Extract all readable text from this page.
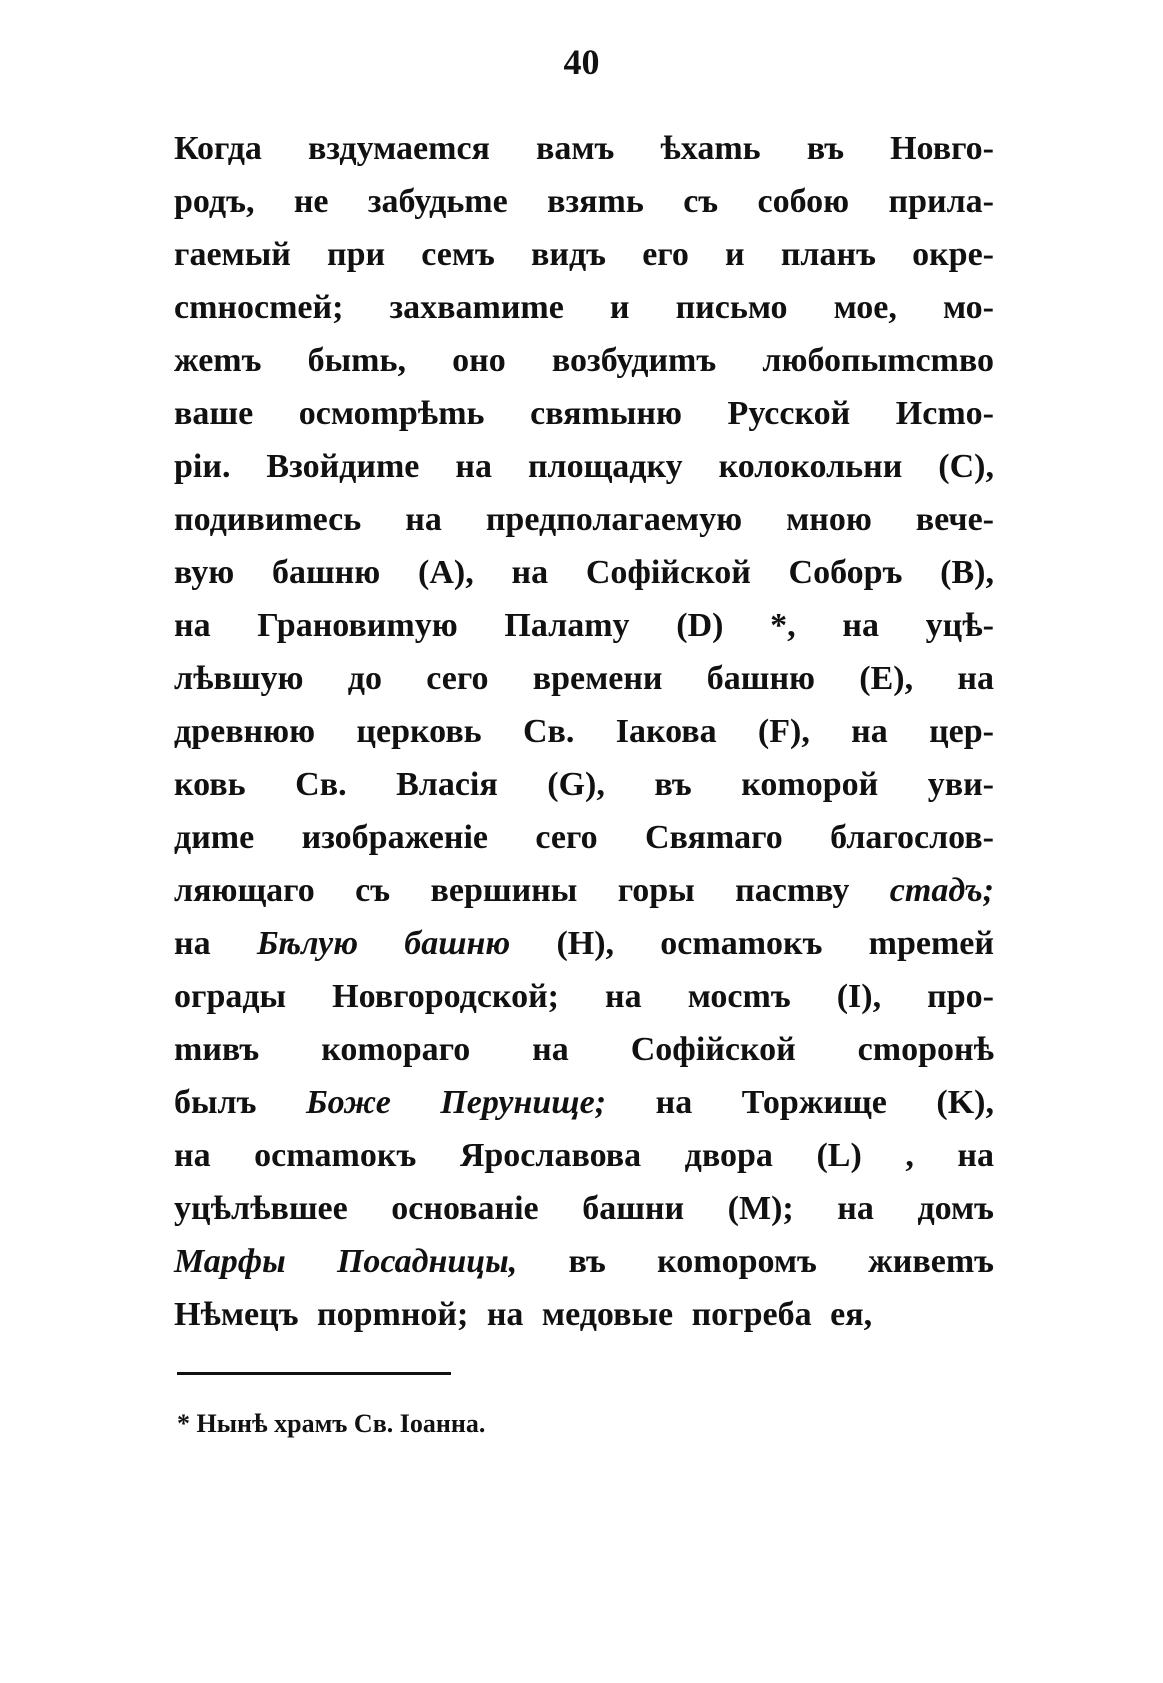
40
Когда вздумаеmся вамъ ѣхаmь въ Новго-
родъ, не забудьmе взяmь съ собою прила-
гаемый при семъ видъ его и планъ окре-
сmносmей; захваmиmе и письмо мое, мо-
жеmъ быmь, оно возбудиmъ любопыmсmво
ваше осмоmрѣmь свяmыню Русской Исmо-
рiи. Взойдиmе на площадку колокольни (C),
подивиmесь на предполагаемую мною вече-
вую башню (A), на Софiйской Соборъ (B),
на Грановиmую Палаmу (D) *, на уцѣ-
лѣвшую до сего времени башню (E), на
древнюю церковь Св. Iакова (F), на цер-
ковь Св. Власiя (G), въ коmорой уви-
диmе изображенiе сего Свяmаго благослов-
ляющаго съ вершины горы пасmву сmадъ;
на Бѣлую башню (H), осmаmокъ mреmей
ограды Новгородской; на мосmъ (I), про-
mивъ коmораго на Софiйской сmоронѣ
былъ Боже Перунище; на Торжище (K),
на осmаmокъ Ярославова двора (L) , на
уцѣлѣвшее основанiе башни (M); на домъ
Марфы Посадницы, въ коmоромъ живеmъ
Нѣмецъ порmной; на медовые погреба ея,
* Нынѣ храмъ Св. Iоанна.
